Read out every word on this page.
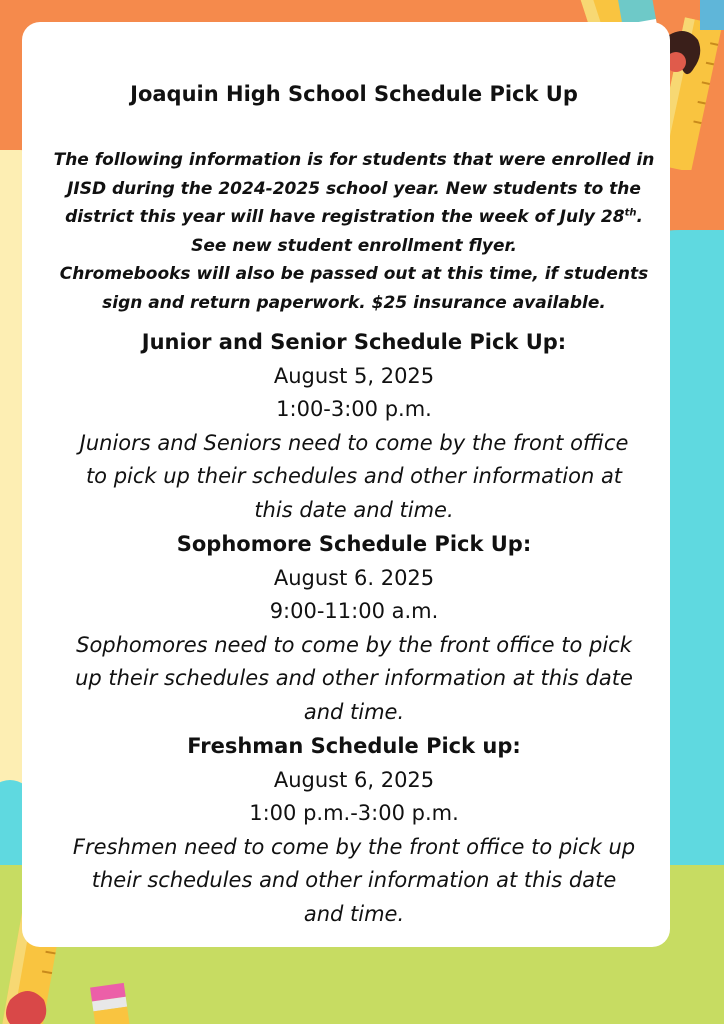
Joaquin High School Schedule Pick Up
The following information is for students that were enrolled in
JISD during the 2024-2025 school year. New students to the
district this year will have registration the week of July 28th.
See new student enrollment flyer.
Chromebooks will also be passed out at this time, if students
sign and return paperwork. $25 insurance available.
Junior and Senior Schedule Pick Up:
August 5, 2025
1:00-3:00 p.m.
Juniors and Seniors need to come by the front office
to pick up their schedules and other information at
this date and time.
Sophomore Schedule Pick Up:
August 6. 2025
9:00-11:00 a.m.
Sophomores need to come by the front office to pick
up their schedules and other information at this date
and time.
Freshman Schedule Pick up:
August 6, 2025
1:00 p.m.-3:00 p.m.
Freshmen need to come by the front office to pick up
their schedules and other information at this date
and time.
